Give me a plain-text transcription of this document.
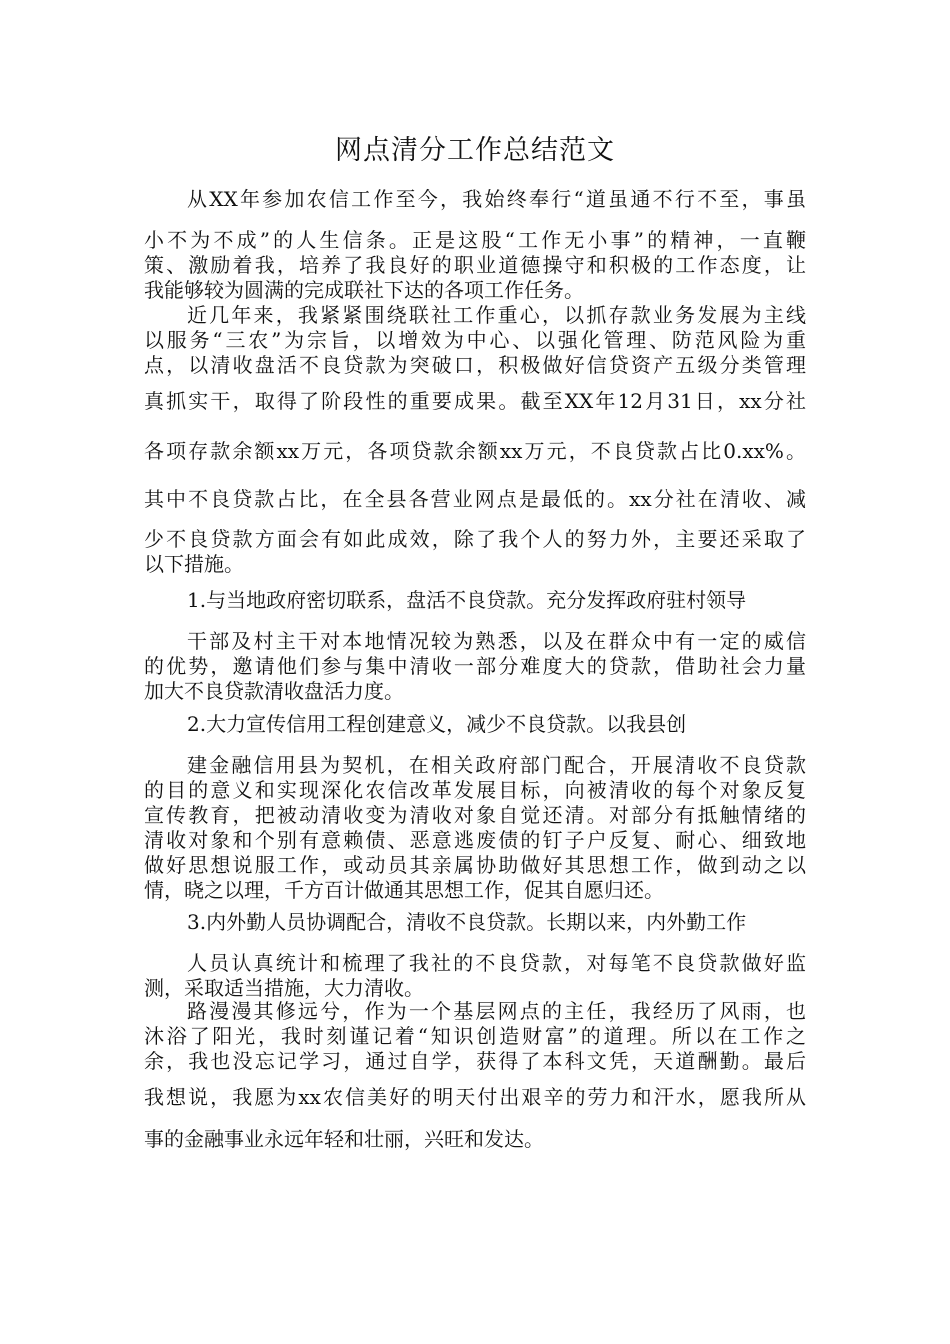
网点清分工作总结范文
从XX年参加农信工作至今，我始终奉行“道虽通不行不至，事虽
小不为不成”的人生信条。正是这股“工作无小事”的精神，一直鞭
策、激励着我，培养了我良好的职业道德操守和积极的工作态度，让
我能够较为圆满的完成联社下达的各项工作任务。
近几年来，我紧紧围绕联社工作重心，以抓存款业务发展为主线
以服务“三农”为宗旨，以增效为中心、以强化管理、防范风险为重
点，以清收盘活不良贷款为突破口，积极做好信贷资产五级分类管理
真抓实干，取得了阶段性的重要成果。截至XX年12月31日，xx分社
各项存款余额xx万元，各项贷款余额xx万元，不良贷款占比0.xx%。
其中不良贷款占比，在全县各营业网点是最低的。xx分社在清收、减
少不良贷款方面会有如此成效，除了我个人的努力外，主要还采取了
以下措施。
1.与当地政府密切联系，盘活不良贷款。充分发挥政府驻村领导
干部及村主干对本地情况较为熟悉，以及在群众中有一定的威信
的优势，邀请他们参与集中清收一部分难度大的贷款，借助社会力量
加大不良贷款清收盘活力度。
2.大力宣传信用工程创建意义，减少不良贷款。以我县创
建金融信用县为契机，在相关政府部门配合，开展清收不良贷款
的目的意义和实现深化农信改革发展目标，向被清收的每个对象反复
宣传教育，把被动清收变为清收对象自觉还清。对部分有抵触情绪的
清收对象和个别有意赖债、恶意逃废债的钉子户反复、耐心、细致地
做好思想说服工作，或动员其亲属协助做好其思想工作，做到动之以
情，晓之以理，千方百计做通其思想工作，促其自愿归还。
3.内外勤人员协调配合，清收不良贷款。长期以来，内外勤工作
人员认真统计和梳理了我社的不良贷款，对每笔不良贷款做好监
测，采取适当措施，大力清收。
路漫漫其修远兮，作为一个基层网点的主任，我经历了风雨，也
沐浴了阳光，我时刻谨记着“知识创造财富”的道理。所以在工作之
余，我也没忘记学习，通过自学，获得了本科文凭，天道酬勤。最后
我想说，我愿为xx农信美好的明天付出艰辛的劳力和汗水，愿我所从
事的金融事业永远年轻和壮丽，兴旺和发达。
